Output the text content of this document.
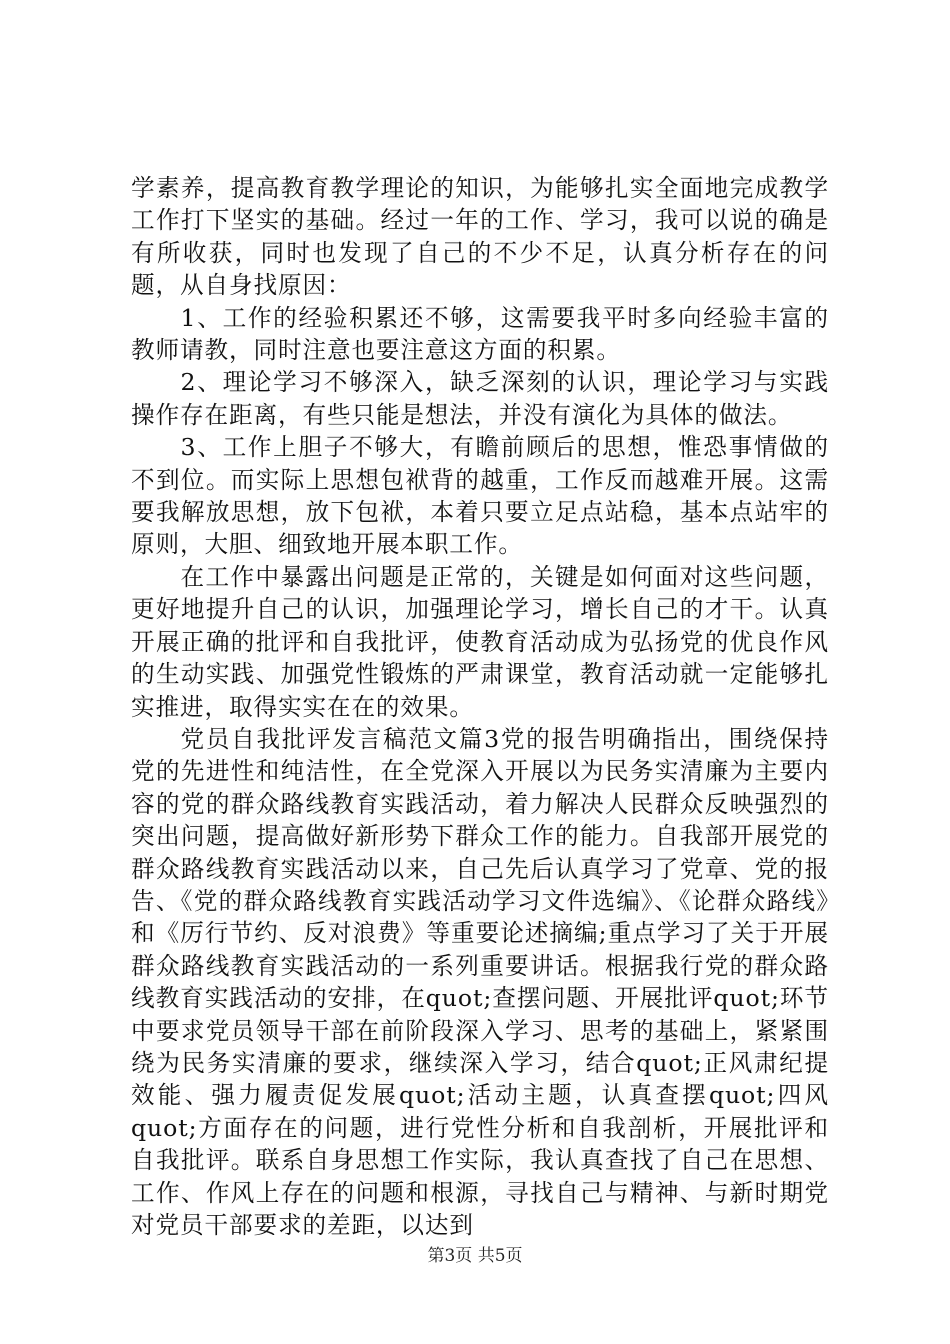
学素养，提高教育教学理论的知识，为能够扎实全面地完成教学工作打下坚实的基础。经过一年的工作、学习，我可以说的确是有所收获，同时也发现了自己的不少不足，认真分析存在的问题，从自身找原因：

1、工作的经验积累还不够，这需要我平时多向经验丰富的教师请教，同时注意也要注意这方面的积累。

2、理论学习不够深入，缺乏深刻的认识，理论学习与实践操作存在距离，有些只能是想法，并没有演化为具体的做法。

3、工作上胆子不够大，有瞻前顾后的思想，惟恐事情做的不到位。而实际上思想包袱背的越重，工作反而越难开展。这需要我解放思想，放下包袱，本着只要立足点站稳，基本点站牢的原则，大胆、细致地开展本职工作。

在工作中暴露出问题是正常的，关键是如何面对这些问题，更好地提升自己的认识，加强理论学习，增长自己的才干。认真开展正确的批评和自我批评，使教育活动成为弘扬党的优良作风的生动实践、加强党性锻炼的严肃课堂，教育活动就一定能够扎实推进，取得实实在在的效果。

党员自我批评发言稿范文篇3党的报告明确指出，围绕保持党的先进性和纯洁性，在全党深入开展以为民务实清廉为主要内容的党的群众路线教育实践活动，着力解决人民群众反映强烈的突出问题，提高做好新形势下群众工作的能力。自我部开展党的群众路线教育实践活动以来，自己先后认真学习了党章、党的报告、《党的群众路线教育实践活动学习文件选编》、《论群众路线》和《厉行节约、反对浪费》等重要论述摘编;重点学习了关于开展群众路线教育实践活动的一系列重要讲话。根据我行党的群众路线教育实践活动的安排，在quot;查摆问题、开展批评quot;环节中要求党员领导干部在前阶段深入学习、思考的基础上，紧紧围绕为民务实清廉的要求，继续深入学习，结合quot;正风肃纪提效能、强力履责促发展quot;活动主题，认真查摆quot;四风quot;方面存在的问题，进行党性分析和自我剖析，开展批评和自我批评。联系自身思想工作实际，我认真查找了自己在思想、工作、作风上存在的问题和根源，寻找自己与精神、与新时期党对党员干部要求的差距，以达到

第3页 共5页
